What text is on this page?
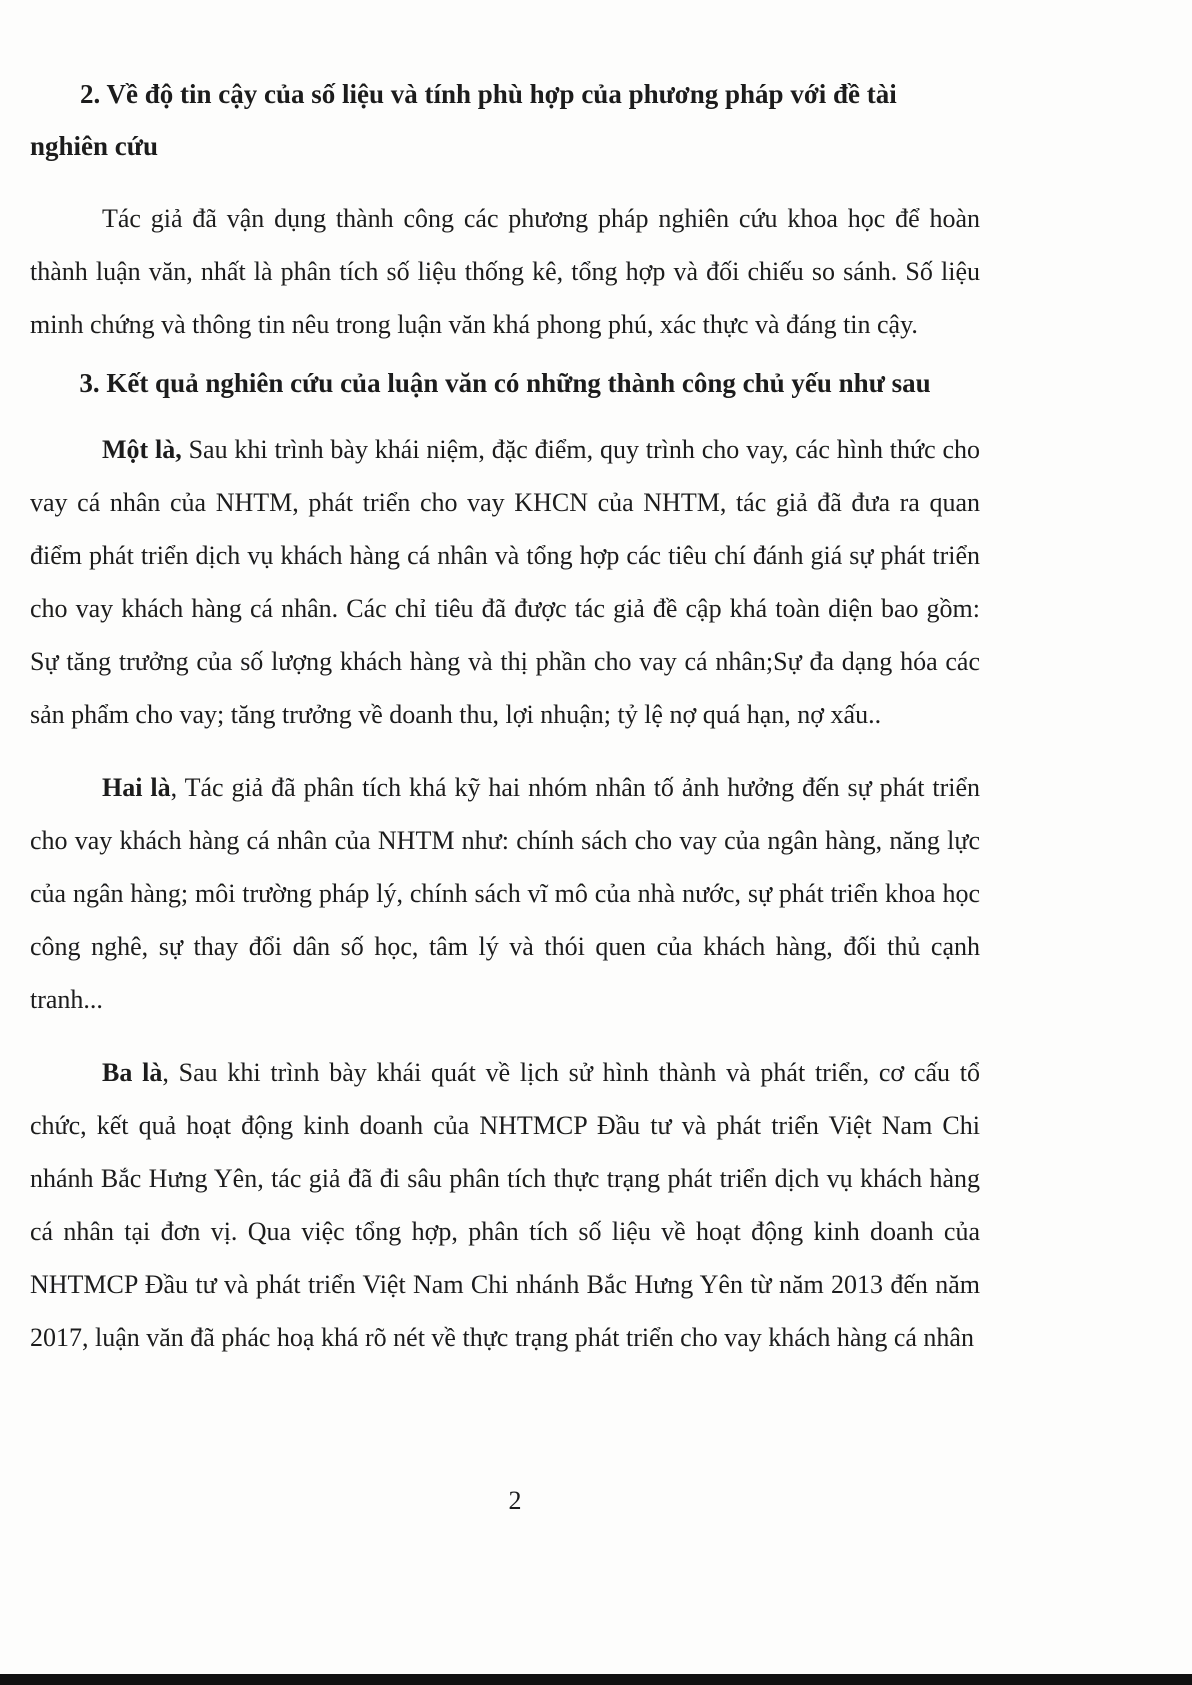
2. Về độ tin cậy của số liệu và tính phù hợp của phương pháp với đề tài nghiên cứu

Tác giả đã vận dụng thành công các phương pháp nghiên cứu khoa học để hoàn thành luận văn, nhất là phân tích số liệu thống kê, tổng hợp và đối chiếu so sánh. Số liệu minh chứng và thông tin nêu trong luận văn khá phong phú, xác thực và đáng tin cậy.

3. Kết quả nghiên cứu của luận văn có những thành công chủ yếu như sau

Một là, Sau khi trình bày khái niệm, đặc điểm, quy trình cho vay, các hình thức cho vay cá nhân của NHTM, phát triển cho vay KHCN của NHTM, tác giả đã đưa ra quan điểm phát triển dịch vụ khách hàng cá nhân và tổng hợp các tiêu chí đánh giá sự phát triển cho vay khách hàng cá nhân. Các chỉ tiêu đã được tác giả đề cập khá toàn diện bao gồm: Sự tăng trưởng của số lượng khách hàng và thị phần cho vay cá nhân;Sự đa dạng hóa các sản phẩm cho vay; tăng trưởng về doanh thu, lợi nhuận; tỷ lệ nợ quá hạn, nợ xấu..

Hai là, Tác giả đã phân tích khá kỹ hai nhóm nhân tố ảnh hưởng đến sự phát triển cho vay khách hàng cá nhân của NHTM như: chính sách cho vay của ngân hàng, năng lực của ngân hàng; môi trường pháp lý, chính sách vĩ mô của nhà nước, sự phát triển khoa học công nghê, sự thay đổi dân số học, tâm lý và thói quen của khách hàng, đối thủ cạnh tranh...

Ba là, Sau khi trình bày khái quát về lịch sử hình thành và phát triển, cơ cấu tổ chức, kết quả hoạt động kinh doanh của NHTMCP Đầu tư và phát triển Việt Nam Chi nhánh Bắc Hưng Yên, tác giả đã đi sâu phân tích thực trạng phát triển dịch vụ khách hàng cá nhân tại đơn vị. Qua việc tổng hợp, phân tích số liệu về hoạt động kinh doanh của NHTMCP Đầu tư và phát triển Việt Nam Chi nhánh Bắc Hưng Yên từ năm 2013 đến năm 2017, luận văn đã phác hoạ khá rõ nét về thực trạng phát triển cho vay khách hàng cá nhân

2
